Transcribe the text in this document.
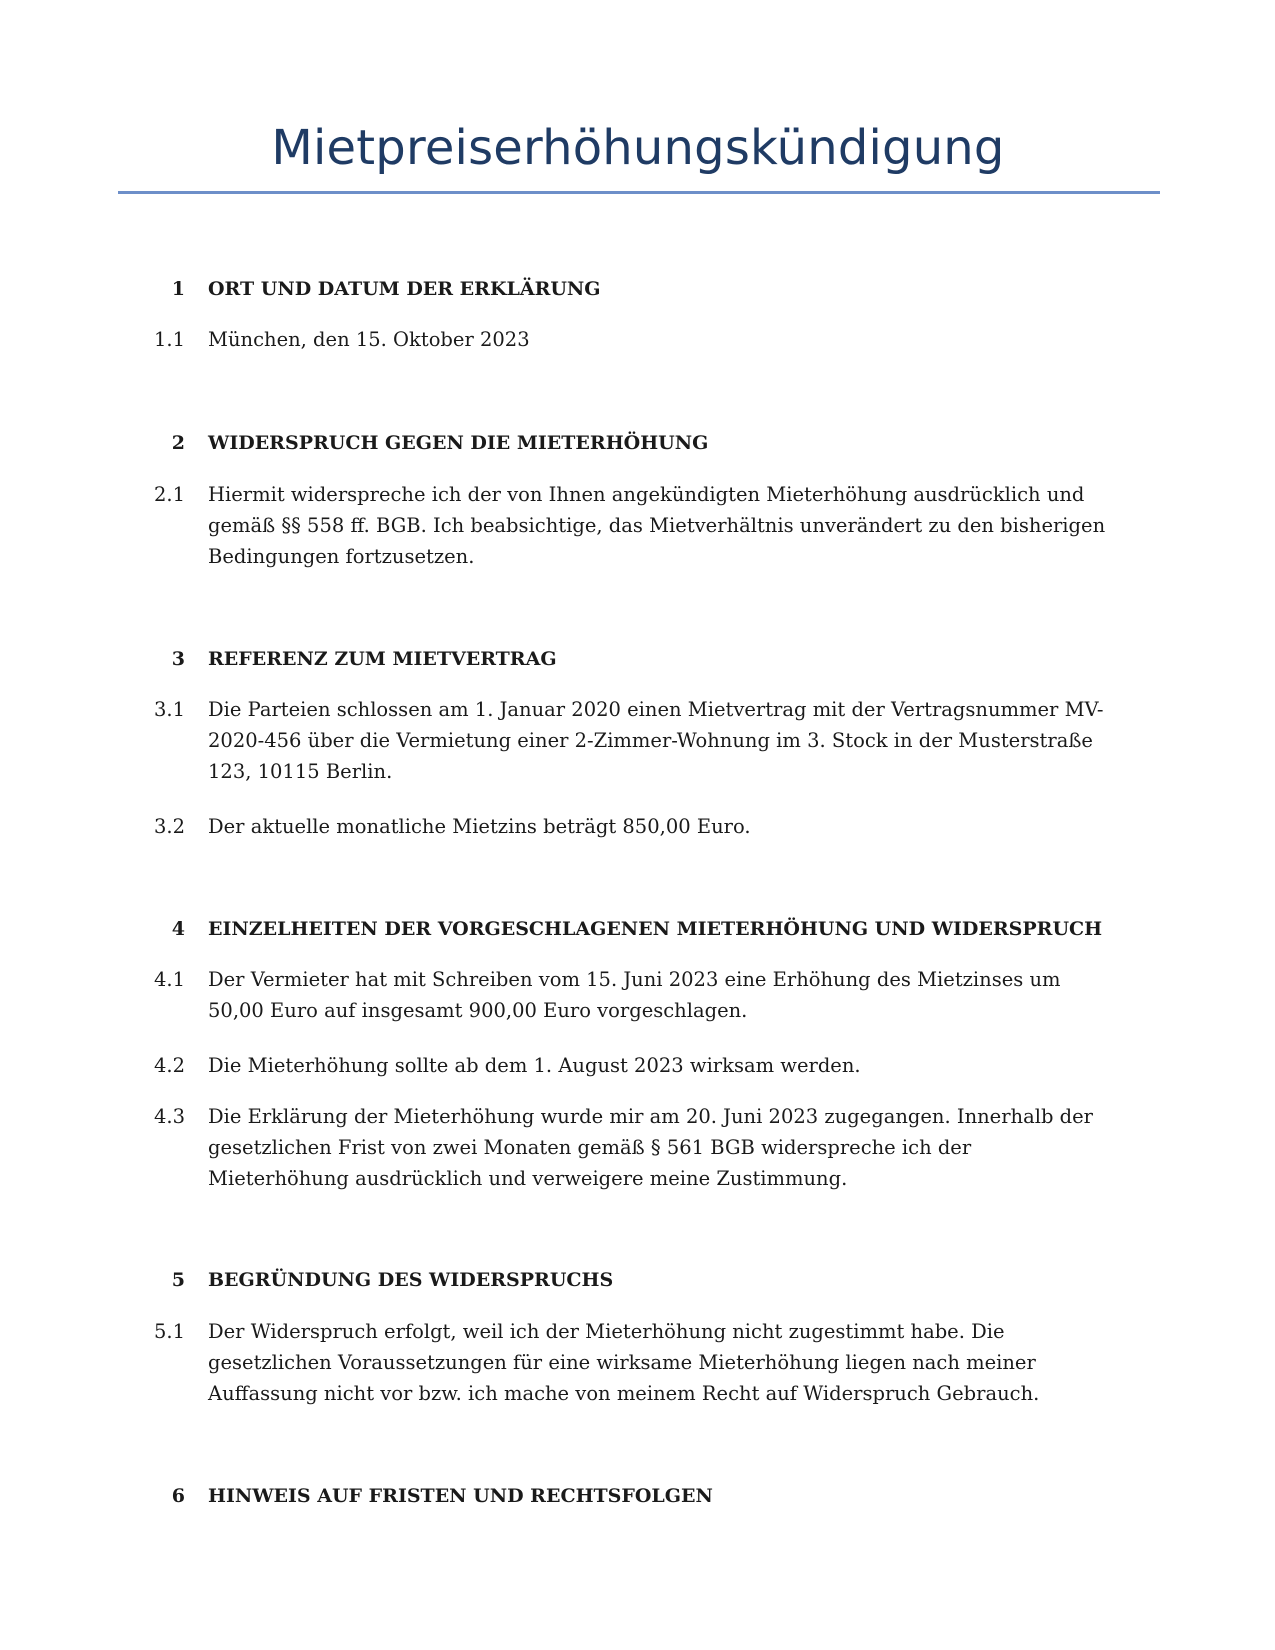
Mietpreiserhöhungskündigung
1 ORT UND DATUM DER ERKLÄRUNG
1.1 München, den 15. Oktober 2023
2 WIDERSPRUCH GEGEN DIE MIETERHÖHUNG
2.1 Hiermit widerspreche ich der von Ihnen angekündigten Mieterhöhung ausdrücklich und gemäß §§ 558 ff. BGB. Ich beabsichtige, das Mietverhältnis unverändert zu den bisherigen Bedingungen fortzusetzen.
3 REFERENZ ZUM MIETVERTRAG
3.1 Die Parteien schlossen am 1. Januar 2020 einen Mietvertrag mit der Vertragsnummer MV-2020-456 über die Vermietung einer 2-Zimmer-Wohnung im 3. Stock in der Musterstraße 123, 10115 Berlin.
3.2 Der aktuelle monatliche Mietzins beträgt 850,00 Euro.
4 EINZELHEITEN DER VORGESCHLAGENEN MIETERHÖHUNG UND WIDERSPRUCH
4.1 Der Vermieter hat mit Schreiben vom 15. Juni 2023 eine Erhöhung des Mietzinses um 50,00 Euro auf insgesamt 900,00 Euro vorgeschlagen.
4.2 Die Mieterhöhung sollte ab dem 1. August 2023 wirksam werden.
4.3 Die Erklärung der Mieterhöhung wurde mir am 20. Juni 2023 zugegangen. Innerhalb der gesetzlichen Frist von zwei Monaten gemäß § 561 BGB widerspreche ich der Mieterhöhung ausdrücklich und verweigere meine Zustimmung.
5 BEGRÜNDUNG DES WIDERSPRUCHS
5.1 Der Widerspruch erfolgt, weil ich der Mieterhöhung nicht zugestimmt habe. Die gesetzlichen Voraussetzungen für eine wirksame Mieterhöhung liegen nach meiner Auffassung nicht vor bzw. ich mache von meinem Recht auf Widerspruch Gebrauch.
6 HINWEIS AUF FRISTEN UND RECHTSFOLGEN
